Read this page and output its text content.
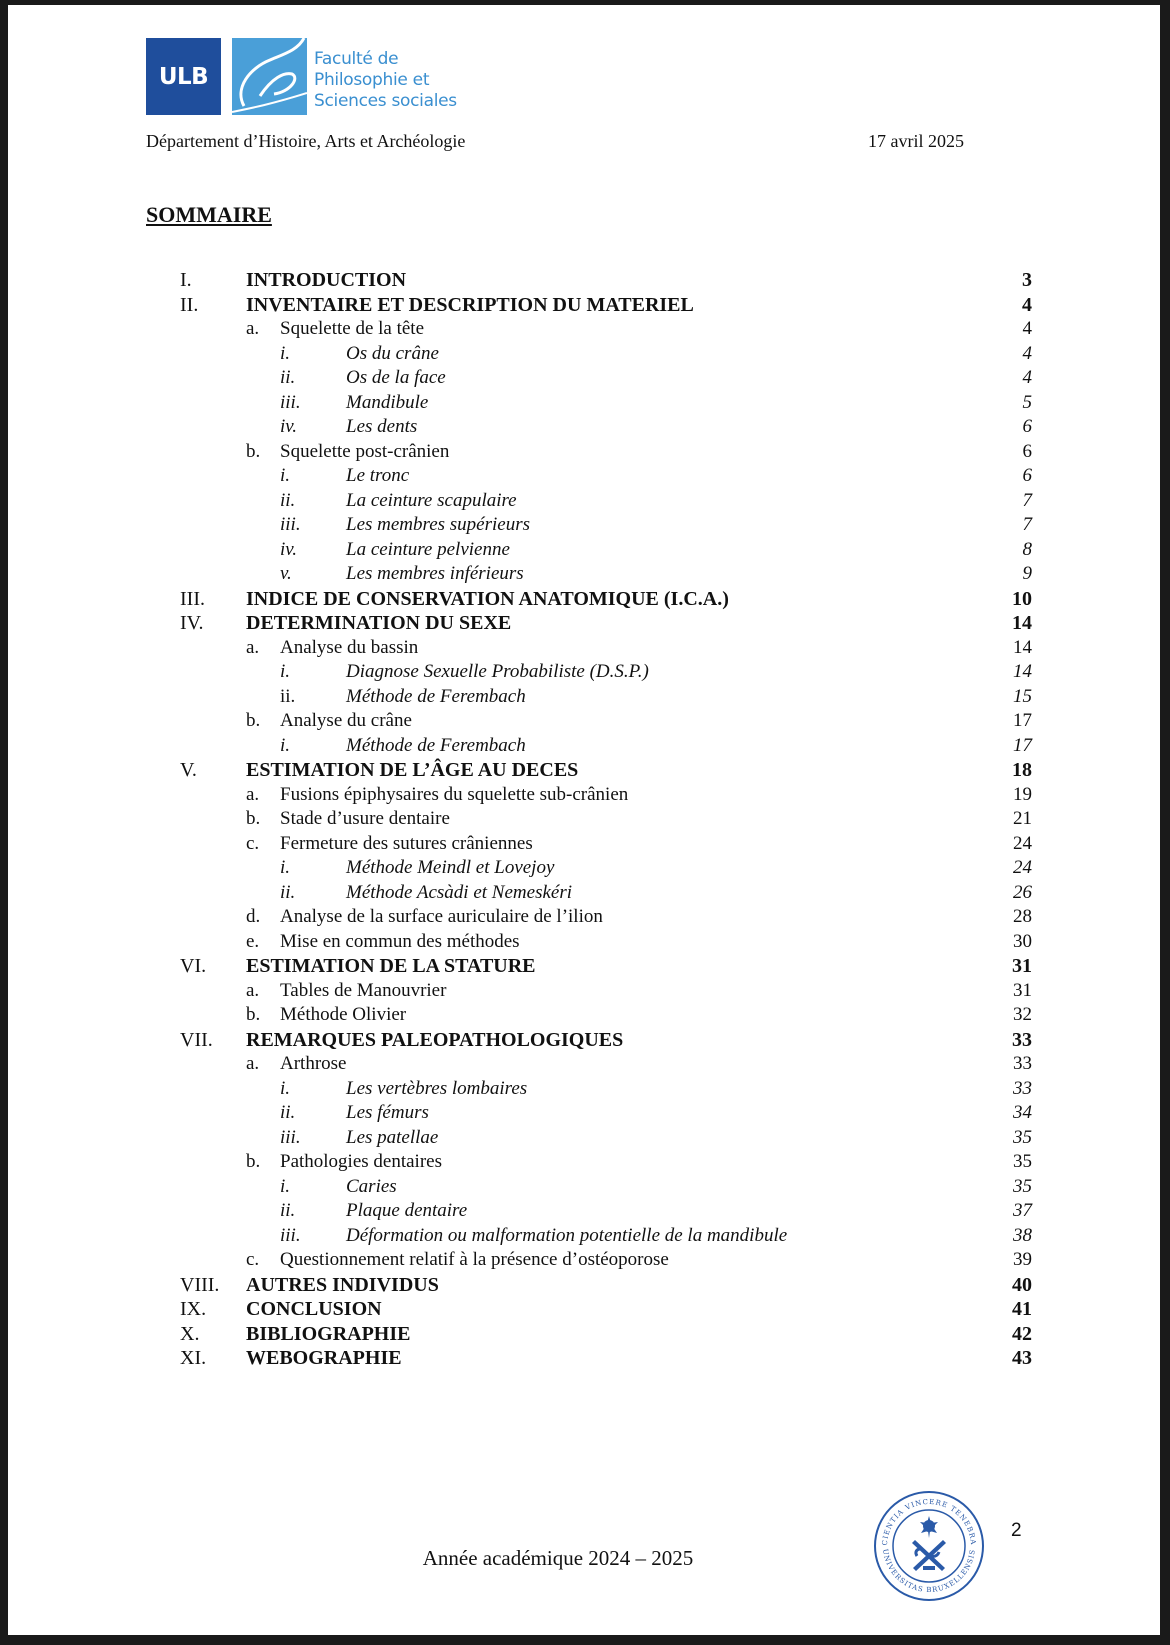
ULB
Faculté de
Philosophie et
Sciences sociales
Département d’Histoire, Arts et Archéologie	17 avril 2025
SOMMAIRE
I.	INTRODUCTION	3
II. INVENTAIRE ET DESCRIPTION DU MATERIEL	4
a. Squelette de la tête	4
i.	Os du crâne	4
ii.	Os de la face	4
iii. Mandibule	5
iv.	Les dents	6
b. Squelette post-crânien	6
i.	Le tronc	6
ii.	La ceinture scapulaire	7
iii. Les membres supérieurs	7
iv.	La ceinture pelvienne	8
v.	Les membres inférieurs	9
III. INDICE DE CONSERVATION ANATOMIQUE (I.C.A.)	10
IV. DETERMINATION DU SEXE	14
a. Analyse du bassin	14
i.	Diagnose Sexuelle Probabiliste (D.S.P.)	14
ii.	Méthode de Ferembach	15
b. Analyse du crâne	17
i.	Méthode de Ferembach	17
V. ESTIMATION DE L’ÂGE AU DECES	18
a. Fusions épiphysaires du squelette sub-crânien	19
b. Stade d’usure dentaire	21
c. Fermeture des sutures crâniennes	24
i.	Méthode Meindl et Lovejoy	24
ii.	Méthode Acsàdi et Nemeskéri	26
d. Analyse de la surface auriculaire de l’ilion	28
e. Mise en commun des méthodes	30
VI. ESTIMATION DE LA STATURE	31
a. Tables de Manouvrier	31
b. Méthode Olivier	32
VII. REMARQUES PALEOPATHOLOGIQUES	33
a. Arthrose	33
i.	Les vertèbres lombaires	33
ii.	Les fémurs	34
iii. Les patellae	35
b. Pathologies dentaires	35
i.	Caries	35
ii.	Plaque dentaire	37
iii. Déformation ou malformation potentielle de la mandibule	38
c. Questionnement relatif à la présence d’ostéoporose	39
VIII. AUTRES INDIVIDUS	40
IX. CONCLUSION	41
X. BIBLIOGRAPHIE	42
XI. WEBOGRAPHIE	43
Année académique 2024 – 2025
CIENTIA VINCERE TENEBRA
UNIVERSITAS BRUXELLENSIS
2
